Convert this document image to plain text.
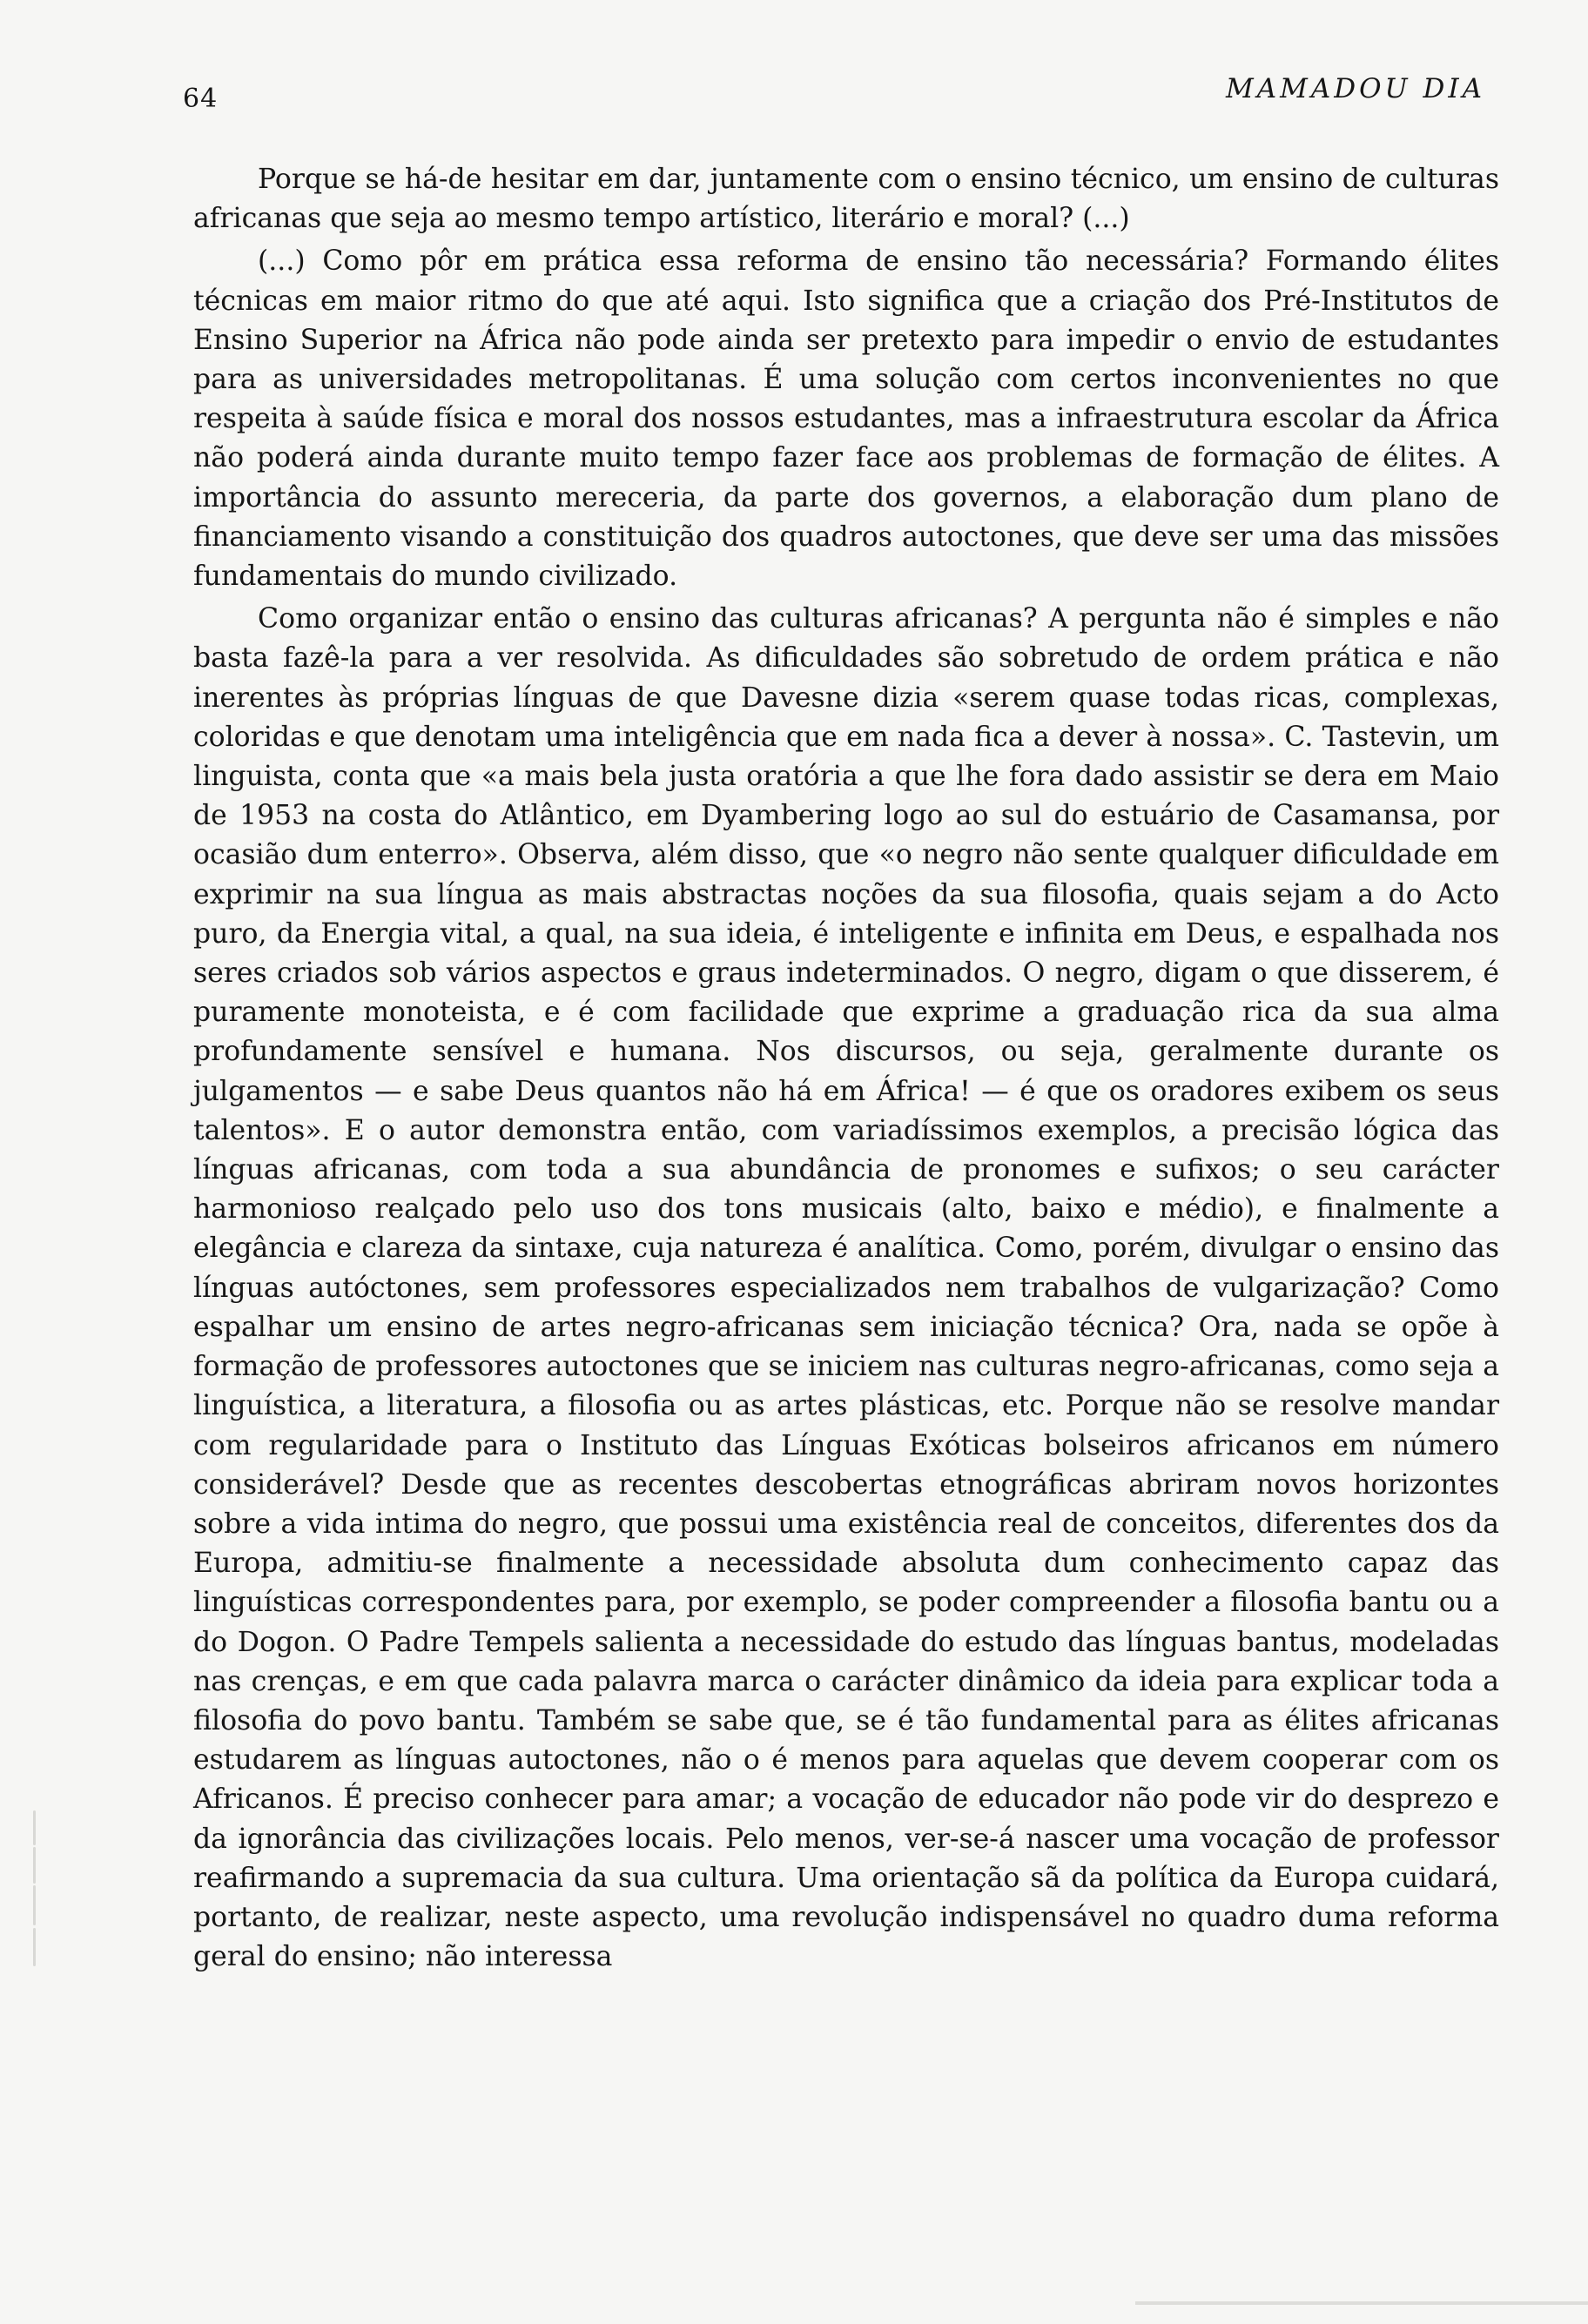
64	MAMADOU DIA

Porque se há-de hesitar em dar, juntamente com o ensino técnico, um ensino de culturas africanas que seja ao mesmo tempo artístico, literário e moral? (...)

(...) Como pôr em prática essa reforma de ensino tão necessária? Formando élites técnicas em maior ritmo do que até aqui. Isto significa que a criação dos Pré-Institutos de Ensino Superior na África não pode ainda ser pretexto para impedir o envio de estudantes para as universidades metropolitanas. É uma solução com certos inconvenientes no que respeita à saúde física e moral dos nossos estudantes, mas a infraestrutura escolar da África não poderá ainda durante muito tempo fazer face aos problemas de formação de élites. A importância do assunto mereceria, da parte dos governos, a elaboração dum plano de financiamento visando a constituição dos quadros autoctones, que deve ser uma das missões fundamentais do mundo civilizado.

Como organizar então o ensino das culturas africanas? A pergunta não é simples e não basta fazê-la para a ver resolvida. As dificuldades são sobretudo de ordem prática e não inerentes às próprias línguas de que Davesne dizia «serem quase todas ricas, complexas, coloridas e que denotam uma inteligência que em nada fica a dever à nossa». C. Tastevin, um linguista, conta que «a mais bela justa oratória a que lhe fora dado assistir se dera em Maio de 1953 na costa do Atlântico, em Dyambering logo ao sul do estuário de Casamansa, por ocasião dum enterro». Observa, além disso, que «o negro não sente qualquer dificuldade em exprimir na sua língua as mais abstractas noções da sua filosofia, quais sejam a do Acto puro, da Energia vital, a qual, na sua ideia, é inteligente e infinita em Deus, e espalhada nos seres criados sob vários aspectos e graus indeterminados. O negro, digam o que disserem, é puramente monoteista, e é com facilidade que exprime a graduação rica da sua alma profundamente sensível e humana. Nos discursos, ou seja, geralmente durante os julgamentos — e sabe Deus quantos não há em África! — é que os oradores exibem os seus talentos». E o autor demonstra então, com variadíssimos exemplos, a precisão lógica das línguas africanas, com toda a sua abundância de pronomes e sufixos; o seu carácter harmonioso realçado pelo uso dos tons musicais (alto, baixo e médio), e finalmente a elegância e clareza da sintaxe, cuja natureza é analítica. Como, porém, divulgar o ensino das línguas autóctones, sem professores especializados nem trabalhos de vulgarização? Como espalhar um ensino de artes negro-africanas sem iniciação técnica? Ora, nada se opõe à formação de professores autoctones que se iniciem nas culturas negro-africanas, como seja a linguística, a literatura, a filosofia ou as artes plásticas, etc. Porque não se resolve mandar com regularidade para o Instituto das Línguas Exóticas bolseiros africanos em número considerável? Desde que as recentes descobertas etnográficas abriram novos horizontes sobre a vida intima do negro, que possui uma existência real de conceitos, diferentes dos da Europa, admitiu-se finalmente a necessidade absoluta dum conhecimento capaz das linguísticas correspondentes para, por exemplo, se poder compreender a filosofia bantu ou a do Dogon. O Padre Tempels salienta a necessidade do estudo das línguas bantus, modeladas nas crenças, e em que cada palavra marca o carácter dinâmico da ideia para explicar toda a filosofia do povo bantu. Também se sabe que, se é tão fundamental para as élites africanas estudarem as línguas autoctones, não o é menos para aquelas que devem cooperar com os Africanos. É preciso conhecer para amar; a vocação de educador não pode vir do desprezo e da ignorância das civilizações locais. Pelo menos, ver-se-á nascer uma vocação de professor reafirmando a supremacia da sua cultura. Uma orientação sã da política da Europa cuidará, portanto, de realizar, neste aspecto, uma revolução indispensável no quadro duma reforma geral do ensino; não interessa
